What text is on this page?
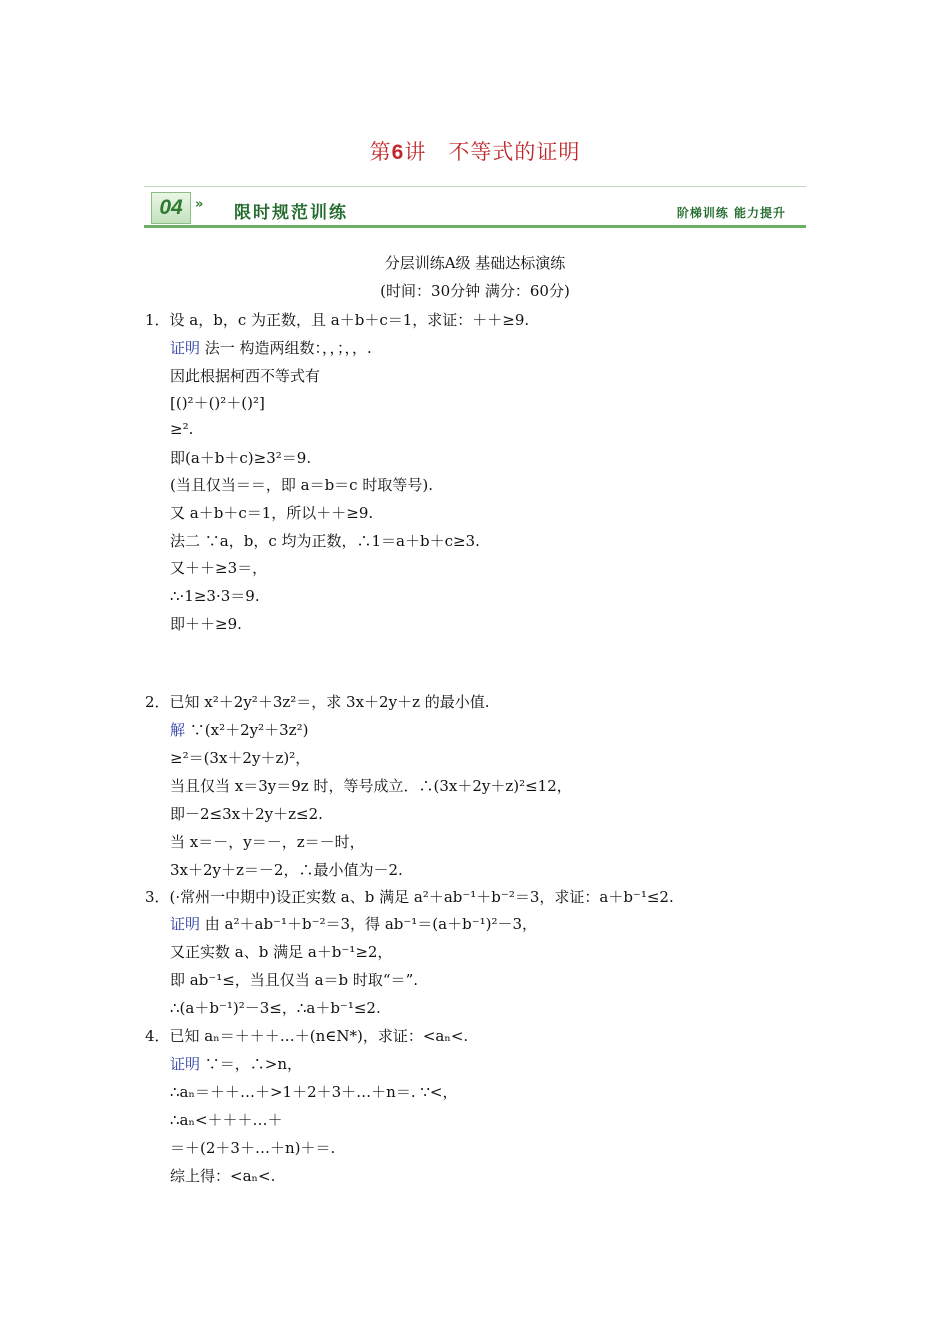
第6讲 不等式的证明
04 » 限时规范训练	阶梯训练 能力提升
分层训练A级 基础达标演练
(时间：30分钟 满分：60分)
1．设 a，b，c 为正数，且 a＋b＋c＝1，求证：＋＋≥9.
证明 法一 构造两组数：，，；，，.
因此根据柯西不等式有
[()²＋()²＋()²]
≥².
即(a＋b＋c)≥3²＝9.
(当且仅当＝＝，即 a＝b＝c 时取等号).
又 a＋b＋c＝1，所以＋＋≥9.
法二 ∵a，b，c 均为正数，∴1＝a＋b＋c≥3.
又＋＋≥3＝，
∴·1≥3·3＝9.
即＋＋≥9.
2．已知 x²＋2y²＋3z²＝，求 3x＋2y＋z 的最小值.
解 ∵(x²＋2y²＋3z²)
≥²＝(3x＋2y＋z)²，
当且仅当 x＝3y＝9z 时，等号成立．∴(3x＋2y＋z)²≤12，
即－2≤3x＋2y＋z≤2.
当 x＝－，y＝－，z＝－时，
3x＋2y＋z＝－2，∴最小值为－2.
3．(·常州一中期中)设正实数 a、b 满足 a²＋ab⁻¹＋b⁻²＝3，求证：a＋b⁻¹≤2.
证明 由 a²＋ab⁻¹＋b⁻²＝3，得 ab⁻¹＝(a＋b⁻¹)²－3，
又正实数 a、b 满足 a＋b⁻¹≥2，
即 ab⁻¹≤，当且仅当 a＝b 时取“＝”.
∴(a＋b⁻¹)²－3≤，∴a＋b⁻¹≤2.
4．已知 aₙ＝＋＋＋…＋(n∈N*)，求证：<aₙ<.
证明 ∵＝，∴>n，
∴aₙ＝＋＋…＋>1＋2＋3＋…＋n＝. ∵<，
∴aₙ<＋＋＋…＋
＝＋(2＋3＋…＋n)＋＝.
综上得：<aₙ<.
